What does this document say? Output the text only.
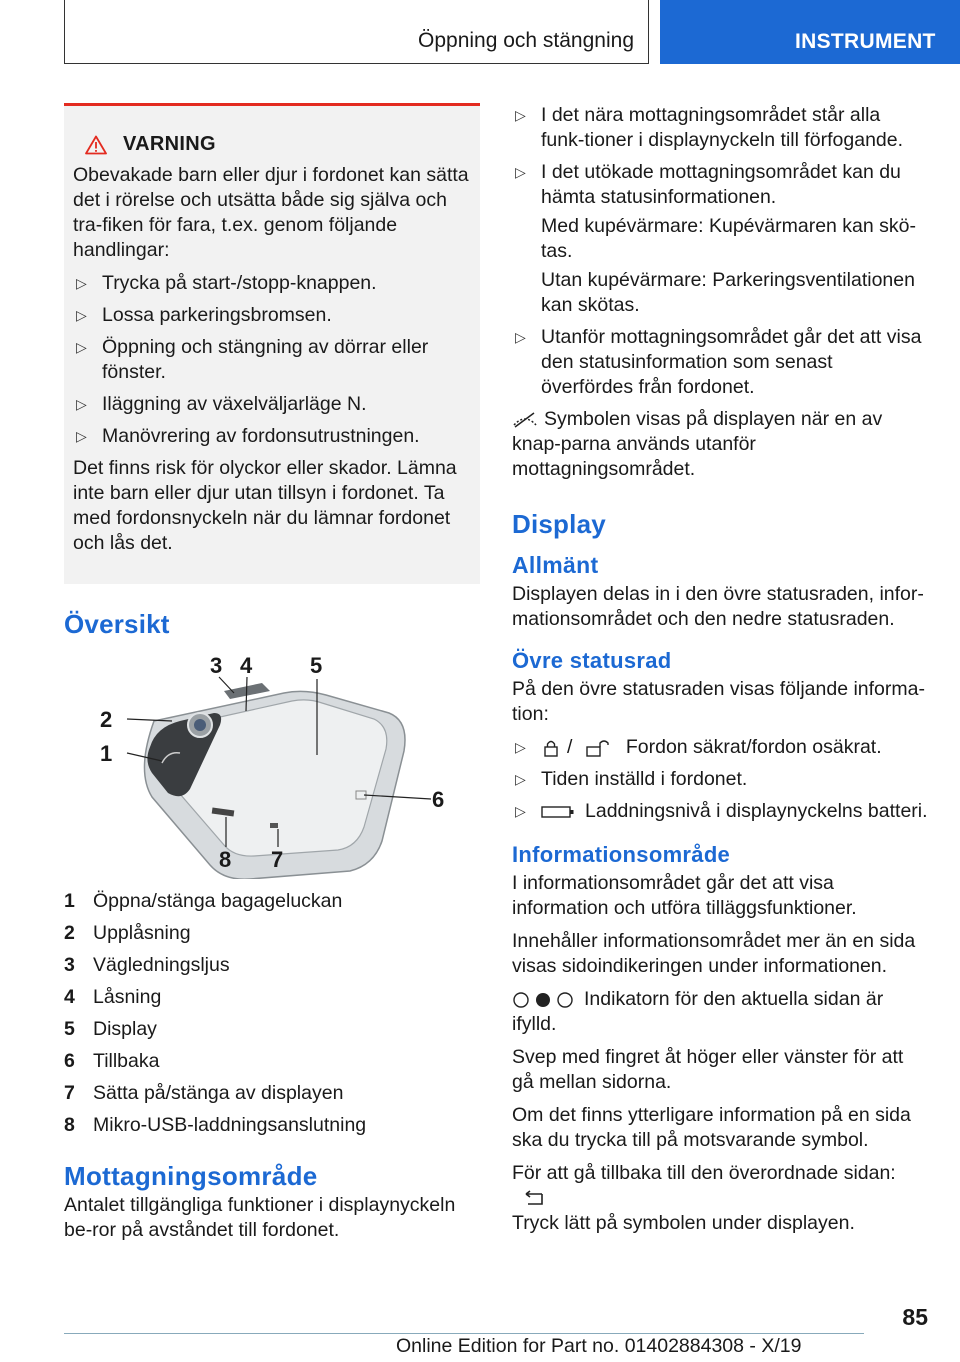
Öppning och stängning	INSTRUMENT
VARNING

Obevakade barn eller djur i fordonet kan sätta det i rörelse och utsätta både sig själva och tra-fiken för fara, t.ex. genom följande handlingar:

▷ Trycka på start-/stopp-knappen.
▷ Lossa parkeringsbromsen.
▷ Öppning och stängning av dörrar eller fönster.
▷ Iläggning av växelväljarläge N.
▷ Manövrering av fordonsutrustningen.

Det finns risk för olyckor eller skador. Lämna inte barn eller djur utan tillsyn i fordonet. Ta med fordonsnyckeln när du lämnar fordonet och lås det.

Översikt
3 4	5
2
1
6
8 7
1 Öppna/stänga bagageluckan
2 Upplåsning
3 Vägledningsljus
4 Låsning
5 Display
6 Tillbaka
7 Sätta på/stänga av displayen
8 Mikro-USB-laddningsanslutning
Mottagningsområde

Antalet tillgängliga funktioner i displaynyckeln be-ror på avståndet till fordonet.

▷ I det nära mottagningsområdet står alla funk-tioner i displaynyckeln till förfogande.

▷ I det utökade mottagningsområdet kan du hämta statusinformationen.

Med kupévärmare: Kupévärmaren kan skö-tas.

Utan kupévärmare: Parkeringsventilationen kan skötas.

▷ Utanför mottagningsområdet går det att visa den statusinformation som senast överfördes från fordonet.

Symbolen visas på displayen när en av knap-parna används utanför mottagningsområdet.

Display
Allmänt

Displayen delas in i den övre statusraden, infor-mationsområdet och den nedre statusraden.

Övre statusrad

På den övre statusraden visas följande informa-tion:

▷ /	Fordon säkrat/fordon osäkrat.
▷ Tiden inställd i fordonet.
▷ Laddningsnivå i displaynyckelns batteri.
Informationsområde

I informationsområdet går det att visa information och utföra tilläggsfunktioner.

Innehåller informationsområdet mer än en sida visas sidoindikeringen under informationen.

Indikatorn för den aktuella sidan är ifylld.

Svep med fingret åt höger eller vänster för att gå mellan sidorna.

Om det finns ytterligare information på en sida ska du trycka till på motsvarande symbol.

För att gå tillbaka till den överordnade sidan:
Tryck lätt på symbolen under displayen.

85
Online Edition for Part no. 01402884308 - X/19
